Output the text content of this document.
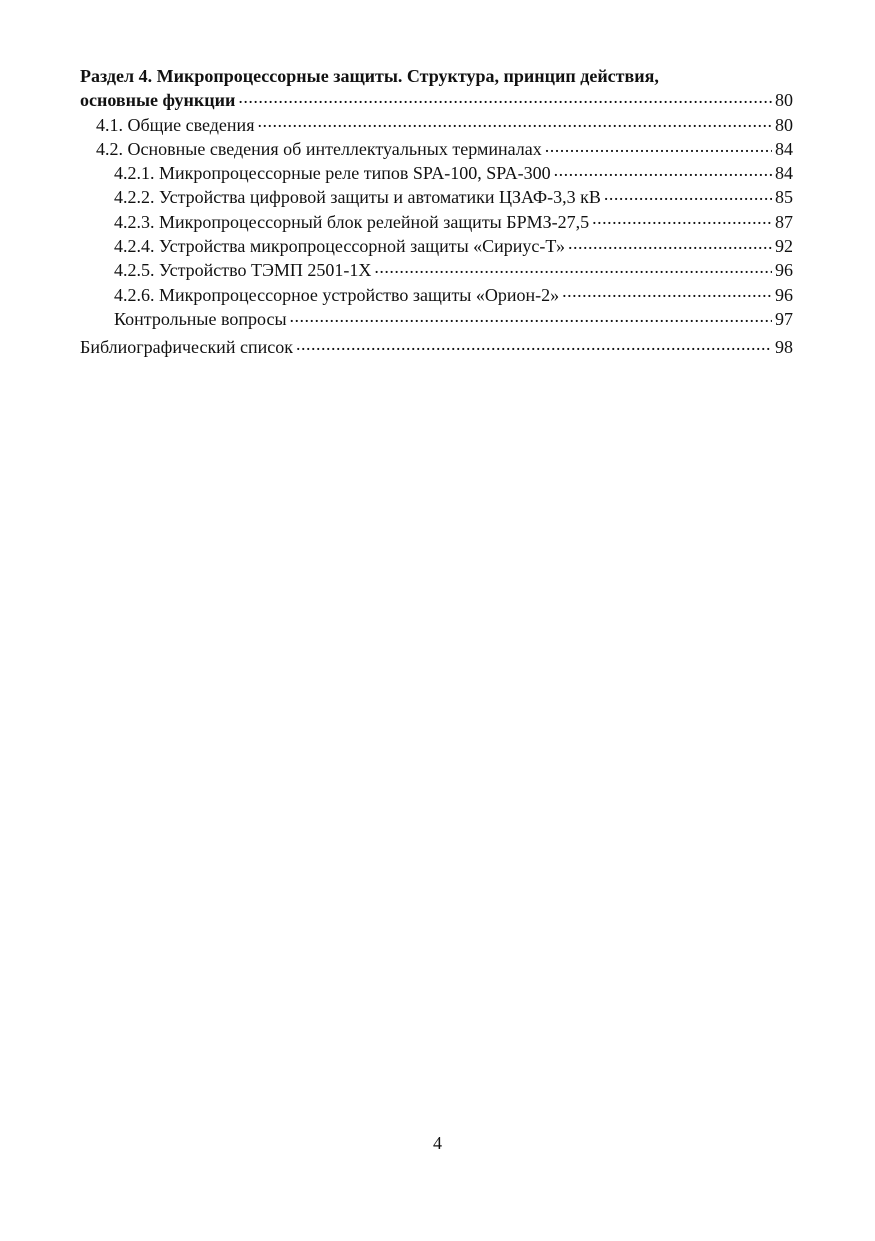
Раздел 4. Микропроцессорные защиты. Структура, принцип действия,
основные функции .....	80
4.1. Общие сведения .....	80
4.2. Основные сведения об интеллектуальных терминалах .....	84
4.2.1. Микропроцессорные реле типов SPA-100, SPA-300 .....	84
4.2.2. Устройства цифровой защиты и автоматики ЦЗАФ-3,3 кВ .....	85
4.2.3. Микропроцессорный блок релейной защиты БРМЗ-27,5 .....	87
4.2.4. Устройства микропроцессорной защиты «Сириус-Т» .....	92
4.2.5. Устройство ТЭМП 2501-1Х .....	96
4.2.6. Микропроцессорное устройство защиты «Орион-2» .....	96
Контрольные вопросы .....	97
Библиографический список .....	98
4
